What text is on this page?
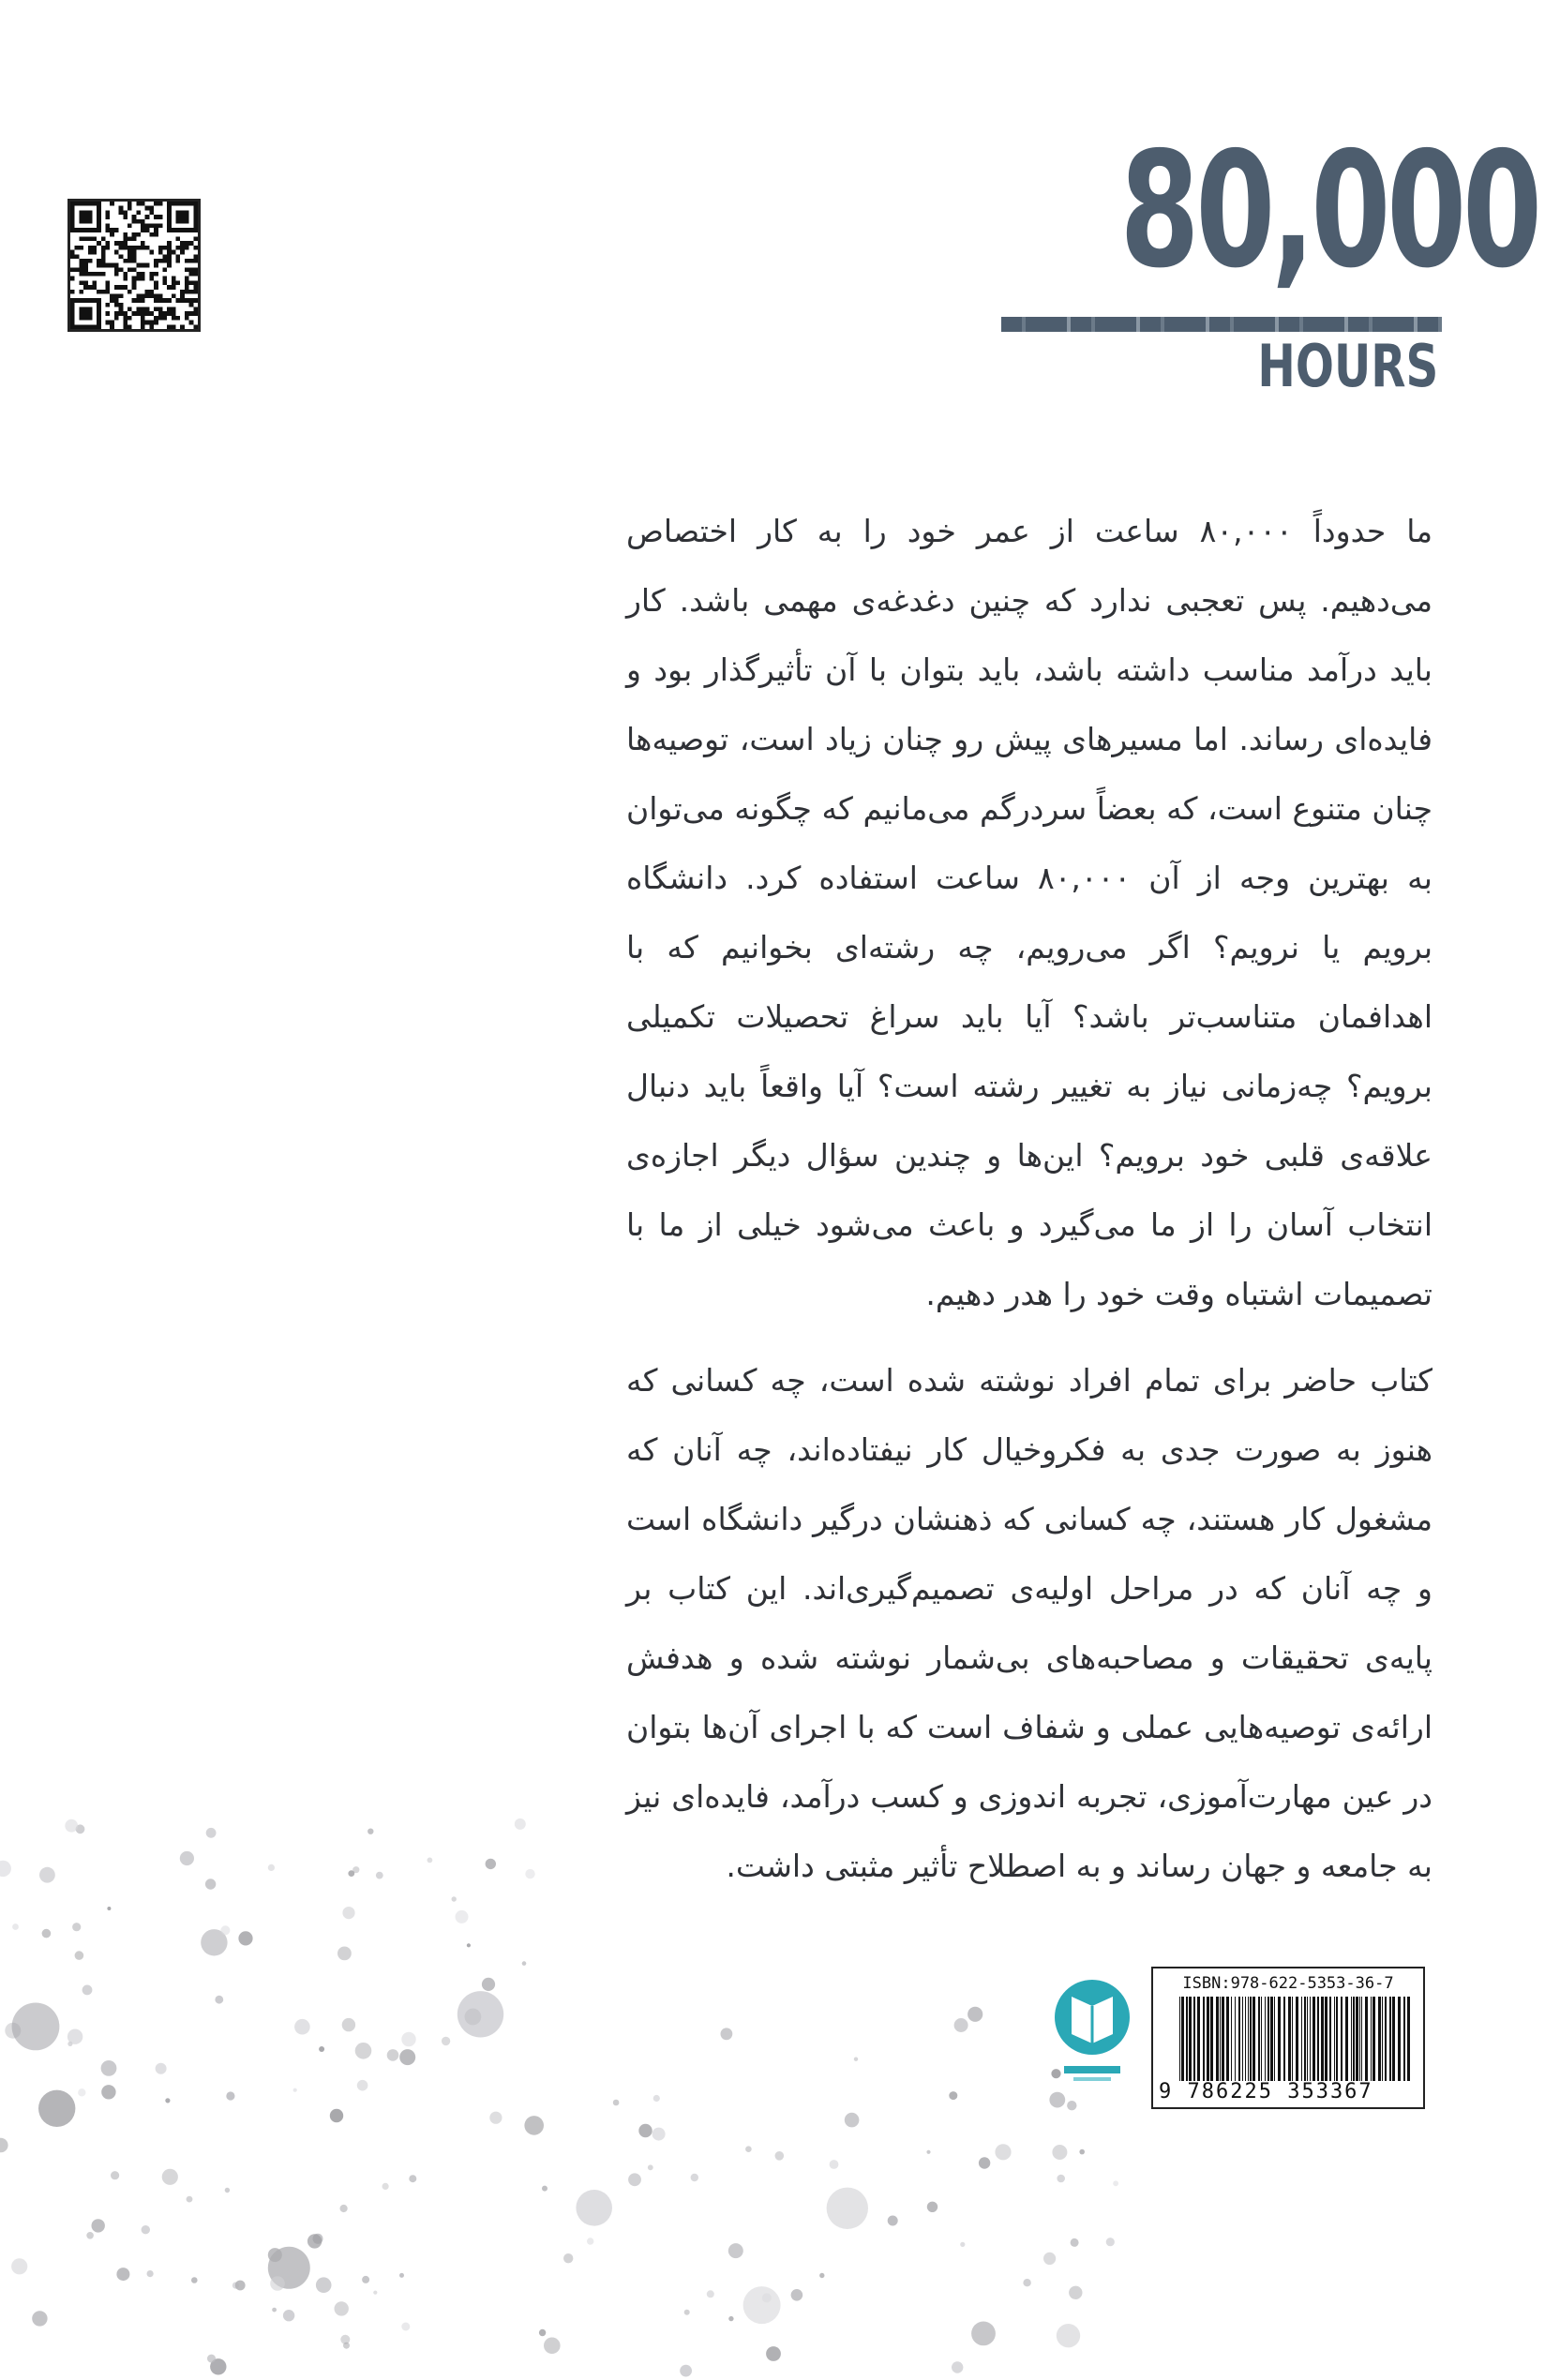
80,000
HOURS

ما حدوداً ۸۰,۰۰۰ ساعت از عمر خود را به کار اختصاص می‌دهیم. پس تعجبی ندارد که چنین دغدغه‌ی مهمی باشد. کار باید درآمد مناسب داشته باشد، باید بتوان با آن تأثیرگذار بود و فایده‌ای رساند. اما مسیرهای پیش رو چنان زیاد است، توصیه‌ها چنان متنوع است، که بعضاً سردرگم می‌مانیم که چگونه می‌توان به بهترین وجه از آن ۸۰,۰۰۰ ساعت استفاده کرد. دانشگاه برویم یا نرویم؟ اگر می‌رویم، چه رشته‌ای بخوانیم که با اهدافمان متناسب‌تر باشد؟ آیا باید سراغ تحصیلات تکمیلی برویم؟ چه‌زمانی نیاز به تغییر رشته است؟ آیا واقعاً باید دنبال علاقه‌ی قلبی خود برویم؟ این‌ها و چندین سؤال دیگر اجازه‌ی انتخاب آسان را از ما می‌گیرد و باعث می‌شود خیلی از ما با تصمیمات اشتباه وقت خود را هدر دهیم.

کتاب حاضر برای تمام افراد نوشته شده است، چه کسانی که هنوز به صورت جدی به فکروخیال کار نیفتاده‌اند، چه آنان که مشغول کار هستند، چه کسانی که ذهنشان درگیر دانشگاه است و چه آنان که در مراحل اولیه‌ی تصمیم‌گیری‌اند. این کتاب بر پایه‌ی تحقیقات و مصاحبه‌های بی‌شمار نوشته شده و هدفش ارائه‌ی توصیه‌هایی عملی و شفاف است که با اجرای آن‌ها بتوان در عین مهارت‌آموزی، تجربه اندوزی و کسب درآمد، فایده‌ای نیز به جامعه و جهان رساند و به اصطلاح تأثیر مثبتی داشت.

ISBN:978-622-5353-36-7
9 786225 353367
